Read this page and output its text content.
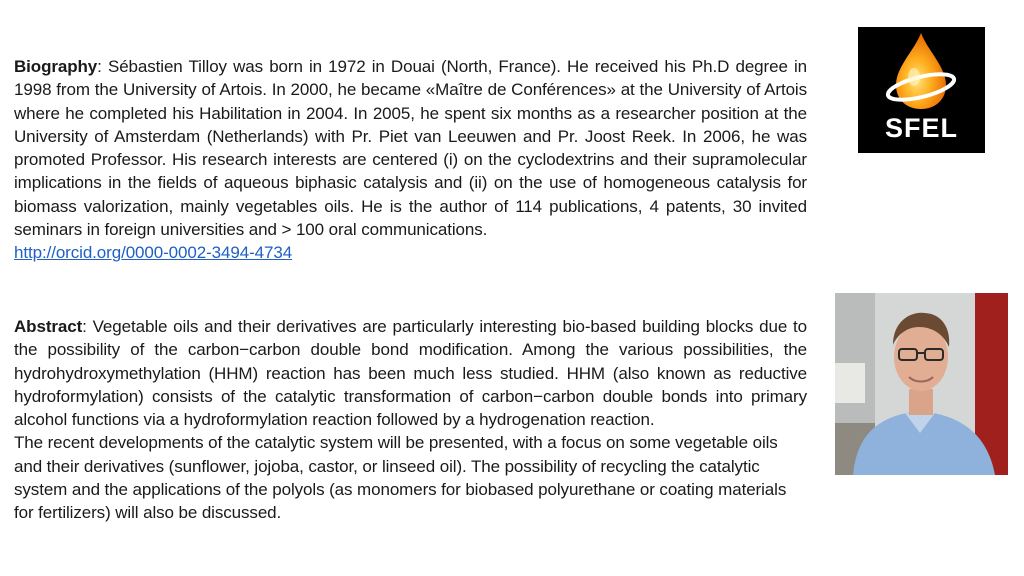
Biography: Sébastien Tilloy was born in 1972 in Douai (North, France). He received his Ph.D degree in 1998 from the University of Artois. In 2000, he became «Maître de Conférences» at the University of Artois where he completed his Habilitation in 2004. In 2005, he spent six months as a researcher position at the University of Amsterdam (Netherlands) with Pr. Piet van Leeuwen and Pr. Joost Reek. In 2006, he was promoted Professor. His research interests are centered (i) on the cyclodextrins and their supramolecular implications in the fields of aqueous biphasic catalysis and (ii) on the use of homogeneous catalysis for biomass valorization, mainly vegetables oils. He is the author of 114 publications, 4 patents, 30 invited seminars in foreign universities and > 100 oral communications.
http://orcid.org/0000-0002-3494-4734

Abstract: Vegetable oils and their derivatives are particularly interesting bio-based building blocks due to the possibility of the carbon−carbon double bond modification. Among the various possibilities, the hydrohydroxymethylation (HHM) reaction has been much less studied. HHM (also known as reductive hydroformylation) consists of the catalytic transformation of carbon−carbon double bonds into primary alcohol functions via a hydroformylation reaction followed by a hydrogenation reaction.

The recent developments of the catalytic system will be presented, with a focus on some vegetable oils and their derivatives (sunflower, jojoba, castor, or linseed oil). The possibility of recycling the catalytic system and the applications of the polyols (as monomers for biobased polyurethane or coating materials for fertilizers) will also be discussed.

SFEL
